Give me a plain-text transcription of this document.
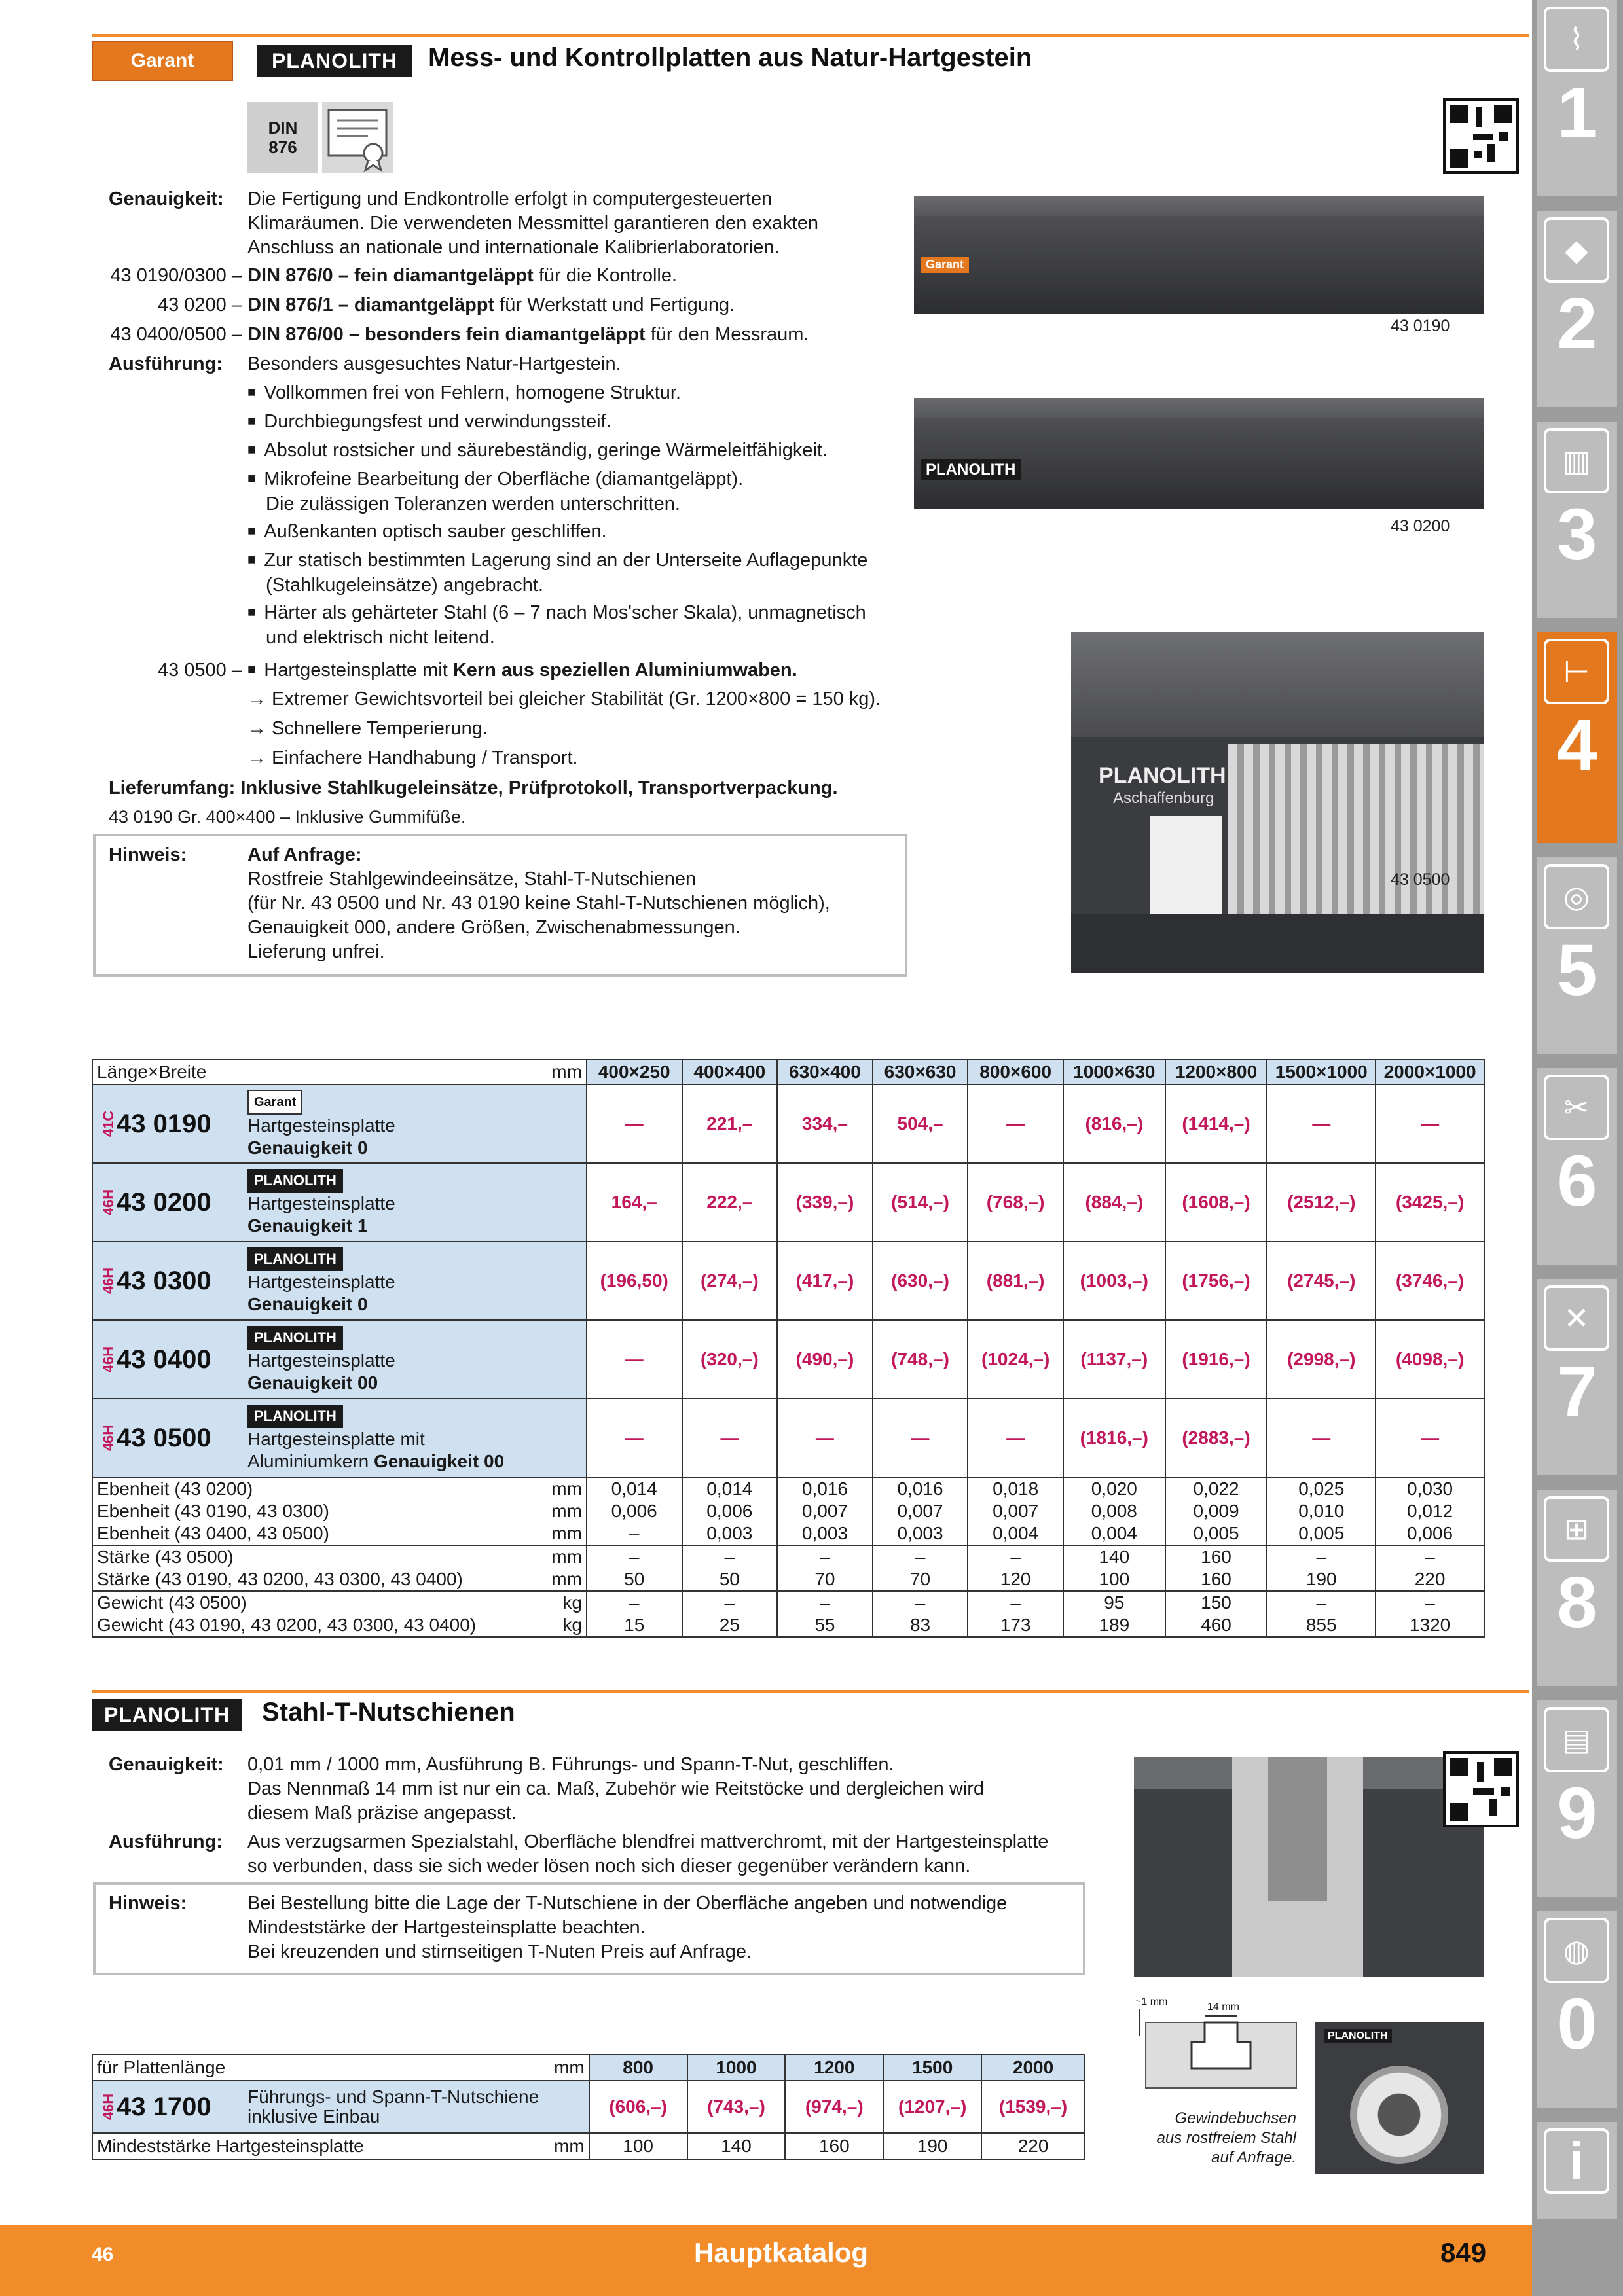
Garant	PLANOLITH Mess- und Kontrollplatten aus Natur-Hartgestein
DIN 876
Genauigkeit: Die Fertigung und Endkontrolle erfolgt in computergesteuerten
Klimaräumen. Die verwendeten Messmittel garantieren den exakten
Anschluss an nationale und internationale Kalibrierlaboratorien.
43 0190/0300 – DIN 876/0 – fein diamantgeläppt für die Kontrolle.
43 0200 – DIN 876/1 – diamantgeläppt für Werkstatt und Fertigung.
43 0400/0500 – DIN 876/00 – besonders fein diamantgeläppt für den Messraum.
Ausführung: Besonders ausgesuchtes Natur-Hartgestein.
■ Vollkommen frei von Fehlern, homogene Struktur.
■ Durchbiegungsfest und verwindungssteif.
■ Absolut rostsicher und säurebeständig, geringe Wärmeleitfähigkeit.
■ Mikrofeine Bearbeitung der Oberfläche (diamantgeläppt).
Die zulässigen Toleranzen werden unterschritten.
■ Außenkanten optisch sauber geschliffen.
■ Zur statisch bestimmten Lagerung sind an der Unterseite Auflagepunkte
(Stahlkugeleinsätze) angebracht.
■ Härter als gehärteter Stahl (6 – 7 nach Mos'scher Skala), unmagnetisch
und elektrisch nicht leitend.
43 0500 –	■ Hartgesteinsplatte mit Kern aus speziellen Aluminiumwaben.
→ Extremer Gewichtsvorteil bei gleicher Stabilität (Gr. 1200×800 = 150 kg).
→ Schnellere Temperierung.
→ Einfachere Handhabung / Transport.
Lieferumfang: Inklusive Stahlkugeleinsätze, Prüfprotokoll, Transportverpackung.
43 0190 Gr. 400×400 – Inklusive Gummifüße.
Hinweis:	Auf Anfrage:
Rostfreie Stahlgewindeeinsätze, Stahl-T-Nutschienen
(für Nr. 43 0500 und Nr. 43 0190 keine Stahl-T-Nutschienen möglich),
Genauigkeit 000, andere Größen, Zwischenabmessungen.
Lieferung unfrei.
Garant
43 0190
PLANOLITH
43 0200
PLANOLITH
Aschaffenburg
43 0500
Länge×Breite mm	400×250	400×400	630×400	630×630	800×600	1000×630	1200×800	1500×1000	2000×1000

41C 43 0190
Garant
Hartgesteinsplatte
Genauigkeit 0	—	221,–	334,–	504,–	—	(816,–)	(1414,–)	—	—

46H 43 0200
PLANOLITH
Hartgesteinsplatte
Genauigkeit 1	164,–	222,–	(339,–)	(514,–)	(768,–)	(884,–)	(1608,–)	(2512,–)	(3425,–)

46H 43 0300
PLANOLITH
Hartgesteinsplatte
Genauigkeit 0	(196,50)	(274,–)	(417,–)	(630,–)	(881,–)	(1003,–)	(1756,–)	(2745,–)	(3746,–)

46H 43 0400
PLANOLITH
Hartgesteinsplatte
Genauigkeit 00	—	(320,–)	(490,–)	(748,–)	(1024,–)	(1137,–)	(1916,–)	(2998,–)	(4098,–)

46H 43 0500
PLANOLITH
Hartgesteinsplatte mit
Aluminiumkern Genauigkeit 00	—	—	—	—	—	(1816,–)	(2883,–)	—	—
Ebenheit (43 0200) mm	0,014	0,014	0,016	0,016	0,018	0,020	0,022	0,025	0,030
Ebenheit (43 0190, 43 0300) mm	0,006	0,006	0,007	0,007	0,007	0,008	0,009	0,010	0,012
Ebenheit (43 0400, 43 0500) mm	–	0,003	0,003	0,003	0,004	0,004	0,005	0,005	0,006
Stärke (43 0500) mm	–	–	–	–	–	140	160	–	–
Stärke (43 0190, 43 0200, 43 0300, 43 0400) mm	50	50	70	70	120	100	160	190	220
Gewicht (43 0500) kg	–	–	–	–	–	95	150	–	–
Gewicht (43 0190, 43 0200, 43 0300, 43 0400) kg	15	25	55	83	173	189	460	855	1320
PLANOLITH Stahl-T-Nutschienen
Genauigkeit: 0,01 mm / 1000 mm, Ausführung B. Führungs- und Spann-T-Nut, geschliffen.
Das Nennmaß 14 mm ist nur ein ca. Maß, Zubehör wie Reitstöcke und dergleichen wird
diesem Maß präzise angepasst.
Ausführung: Aus verzugsarmen Spezialstahl, Oberfläche blendfrei mattverchromt, mit der Hartgesteinsplatte
so verbunden, dass sie sich weder lösen noch sich dieser gegenüber verändern kann.
Hinweis:	Bei Bestellung bitte die Lage der T-Nutschiene in der Oberfläche angeben und notwendige
Mindeststärke der Hartgesteinsplatte beachten.
Bei kreuzenden und stirnseitigen T-Nuten Preis auf Anfrage.
~1 mm	14 mm
PLANOLITH
Gewindebuchsen
aus rostfreiem Stahl
auf Anfrage.
für Plattenlänge mm	800	1000	1200	1500	2000

46H 43 1700 Führungs- und Spann-T-Nutschiene
inklusive Einbau	(606,–)	(743,–)	(974,–)	(1207,–)	(1539,–)
Mindeststärke Hartgesteinsplatte mm	100	140	160	190	220
⌇
1
◆
2
▥
3
⊢
4
◎
5
✂
6
✕
7
⊞
8
▤
9
◍
0
i
46	Hauptkatalog	849
